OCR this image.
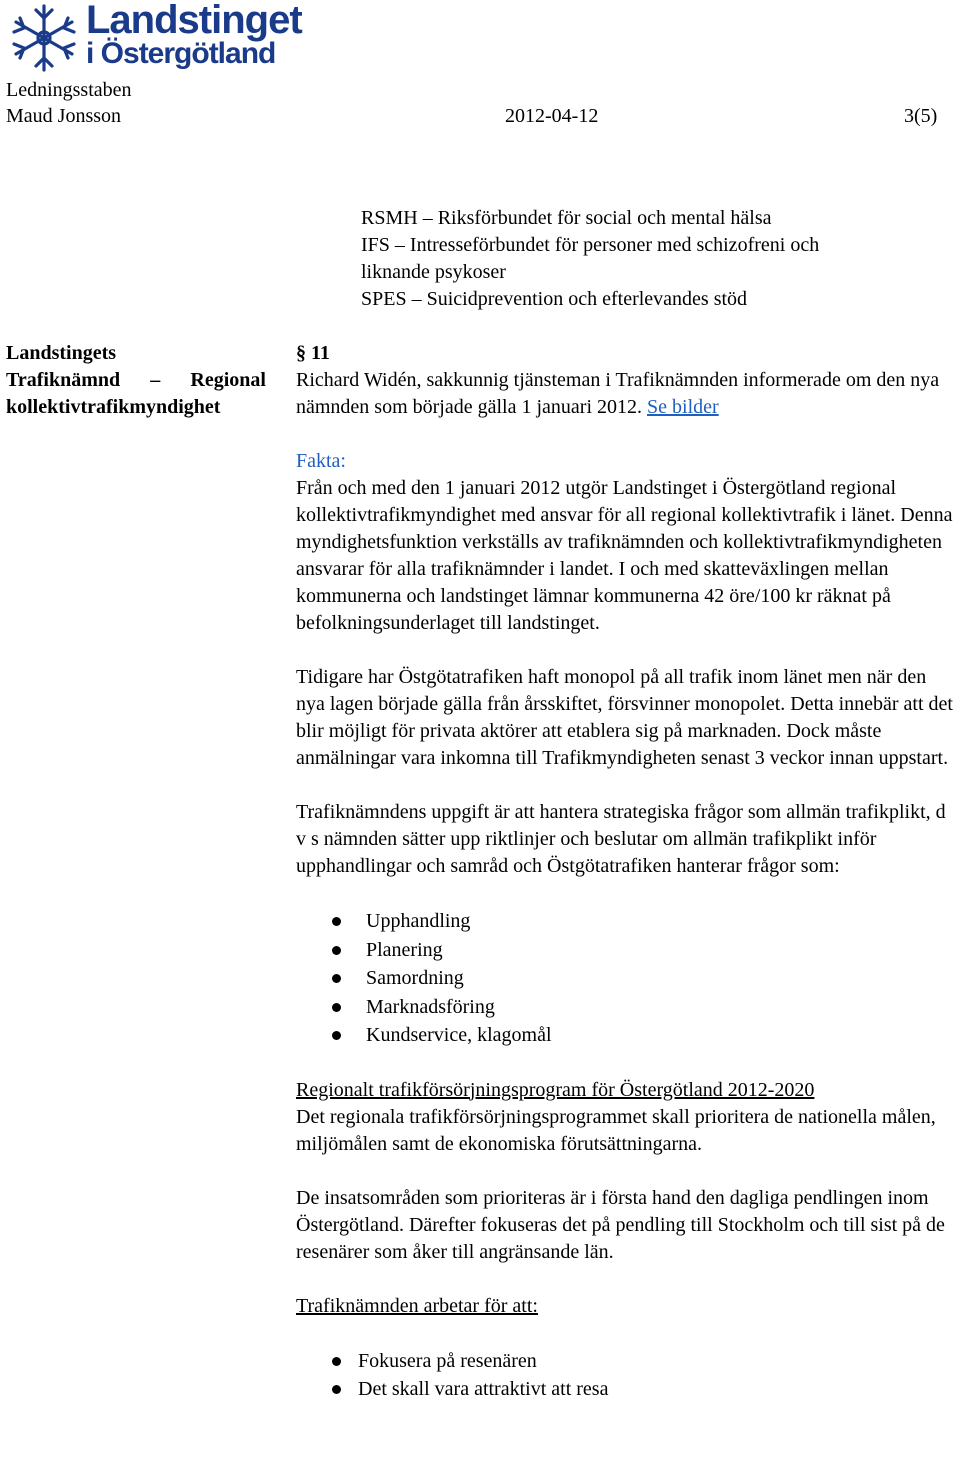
Landstinget
i Östergötland
Ledningsstaben
Maud Jonsson	2012-04-12	3(5)
RSMH – Riksförbundet för social och mental hälsa
IFS – Intresseförbundet för personer med schizofreni och
liknande psykoser
SPES – Suicidprevention och efterlevandes stöd
Landstingets
Trafiknämnd – Regional
kollektivtrafikmyndighet
§ 11

Richard Widén, sakkunnig tjänsteman i Trafiknämnden informerade om den nya nämnden som började gälla 1 januari 2012. Se bilder

Fakta:

Från och med den 1 januari 2012 utgör Landstinget i Östergötland regional kollektivtrafikmyndighet med ansvar för all regional kollektivtrafik i länet. Denna myndighetsfunktion verkställs av trafiknämnden och kollektivtrafikmyndigheten ansvarar för alla trafiknämnder i landet. I och med skatteväxlingen mellan kommunerna och landstinget lämnar kommunerna 42 öre/100 kr räknat på befolkningsunderlaget till landstinget.

Tidigare har Östgötatrafiken haft monopol på all trafik inom länet men när den nya lagen började gälla från årsskiftet, försvinner monopolet. Detta innebär att det blir möjligt för privata aktörer att etablera sig på marknaden. Dock måste anmälningar vara inkomna till Trafikmyndigheten senast 3 veckor innan uppstart.

Trafiknämndens uppgift är att hantera strategiska frågor som allmän trafikplikt, d v s nämnden sätter upp riktlinjer och beslutar om allmän trafikplikt inför upphandlingar och samråd och Östgötatrafiken hanterar frågor som:

Upphandling
Planering
Samordning
Marknadsföring
Kundservice, klagomål

Regionalt trafikförsörjningsprogram för Östergötland 2012-2020

Det regionala trafikförsörjningsprogrammet skall prioritera de nationella målen, miljömålen samt de ekonomiska förutsättningarna.

De insatsområden som prioriteras är i första hand den dagliga pendlingen inom Östergötland. Därefter fokuseras det på pendling till Stockholm och till sist på de resenärer som åker till angränsande län.

Trafiknämnden arbetar för att:

Fokusera på resenären
Det skall vara attraktivt att resa
